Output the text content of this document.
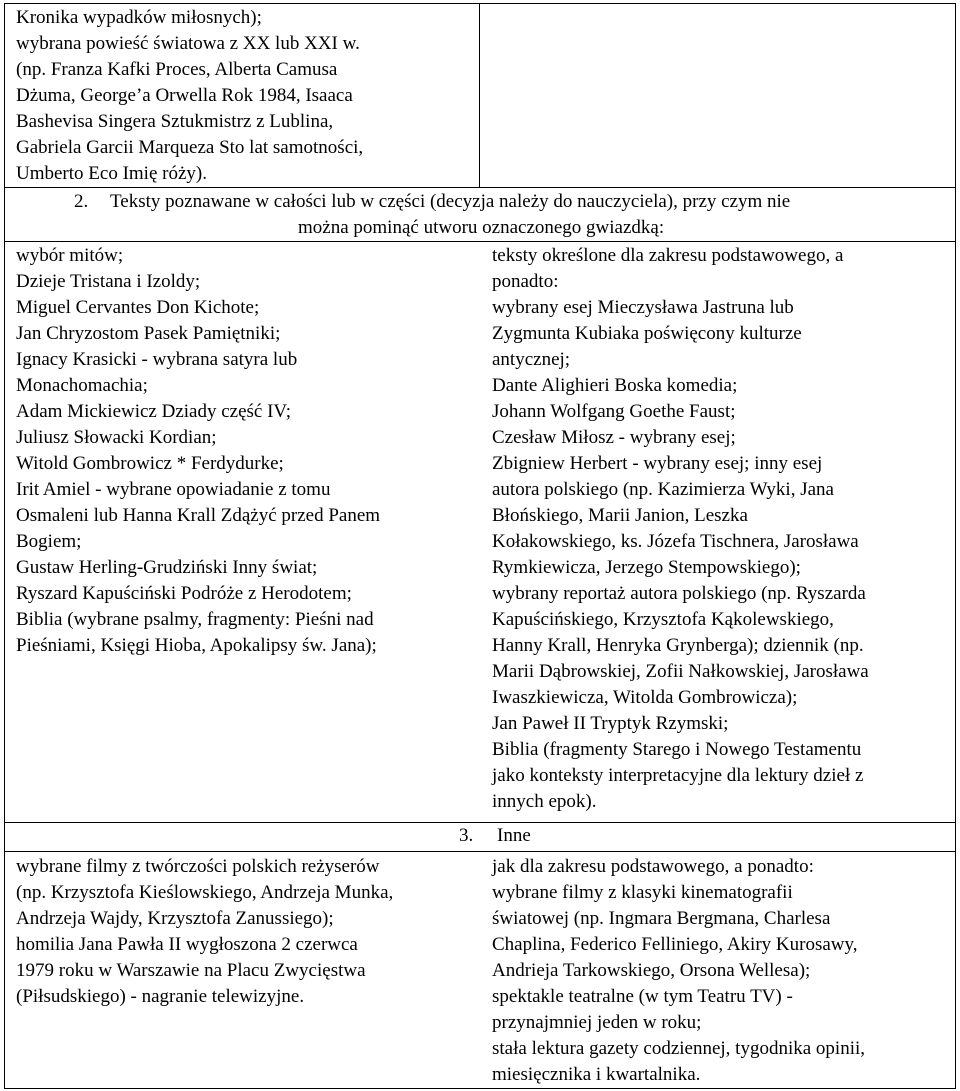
Kronika wypadków miłosnych);
wybrana powieść światowa z XX lub XXI w.
(np. Franza Kafki Proces, Alberta Camusa
Dżuma, George’a Orwella Rok 1984, Isaaca
Bashevisa Singera Sztukmistrz z Lublina,
Gabriela Garcii Marqueza Sto lat samotności,
Umberto Eco Imię róży).
2. Teksty poznawane w całości lub w części (decyzja należy do nauczyciela), przy czym nie
można pominąć utworu oznaczonego gwiazdką:
wybór mitów;
Dzieje Tristana i Izoldy;
Miguel Cervantes Don Kichote;
Jan Chryzostom Pasek Pamiętniki;
Ignacy Krasicki - wybrana satyra lub
Monachomachia;
Adam Mickiewicz Dziady część IV;
Juliusz Słowacki Kordian;
Witold Gombrowicz * Ferdydurke;
Irit Amiel - wybrane opowiadanie z tomu
Osmaleni lub Hanna Krall Zdążyć przed Panem
Bogiem;
Gustaw Herling-Grudziński Inny świat;
Ryszard Kapuściński Podróże z Herodotem;
Biblia (wybrane psalmy, fragmenty: Pieśni nad
Pieśniami, Księgi Hioba, Apokalipsy św. Jana);
teksty określone dla zakresu podstawowego, a
ponadto:
wybrany esej Mieczysława Jastruna lub
Zygmunta Kubiaka poświęcony kulturze
antycznej;
Dante Alighieri Boska komedia;
Johann Wolfgang Goethe Faust;
Czesław Miłosz - wybrany esej;
Zbigniew Herbert - wybrany esej; inny esej
autora polskiego (np. Kazimierza Wyki, Jana
Błońskiego, Marii Janion, Leszka
Kołakowskiego, ks. Józefa Tischnera, Jarosława
Rymkiewicza, Jerzego Stempowskiego);
wybrany reportaż autora polskiego (np. Ryszarda
Kapuścińskiego, Krzysztofa Kąkolewskiego,
Hanny Krall, Henryka Grynberga); dziennik (np.
Marii Dąbrowskiej, Zofii Nałkowskiej, Jarosława
Iwaszkiewicza, Witolda Gombrowicza);
Jan Paweł II Tryptyk Rzymski;
Biblia (fragmenty Starego i Nowego Testamentu
jako konteksty interpretacyjne dla lektury dzieł z
innych epok).
3. Inne
wybrane filmy z twórczości polskich reżyserów
(np. Krzysztofa Kieślowskiego, Andrzeja Munka,
Andrzeja Wajdy, Krzysztofa Zanussiego);
homilia Jana Pawła II wygłoszona 2 czerwca
1979 roku w Warszawie na Placu Zwycięstwa
(Piłsudskiego) - nagranie telewizyjne.
jak dla zakresu podstawowego, a ponadto:
wybrane filmy z klasyki kinematografii
światowej (np. Ingmara Bergmana, Charlesa
Chaplina, Federico Felliniego, Akiry Kurosawy,
Andrieja Tarkowskiego, Orsona Wellesa);
spektakle teatralne (w tym Teatru TV) -
przynajmniej jeden w roku;
stała lektura gazety codziennej, tygodnika opinii,
miesięcznika i kwartalnika.
